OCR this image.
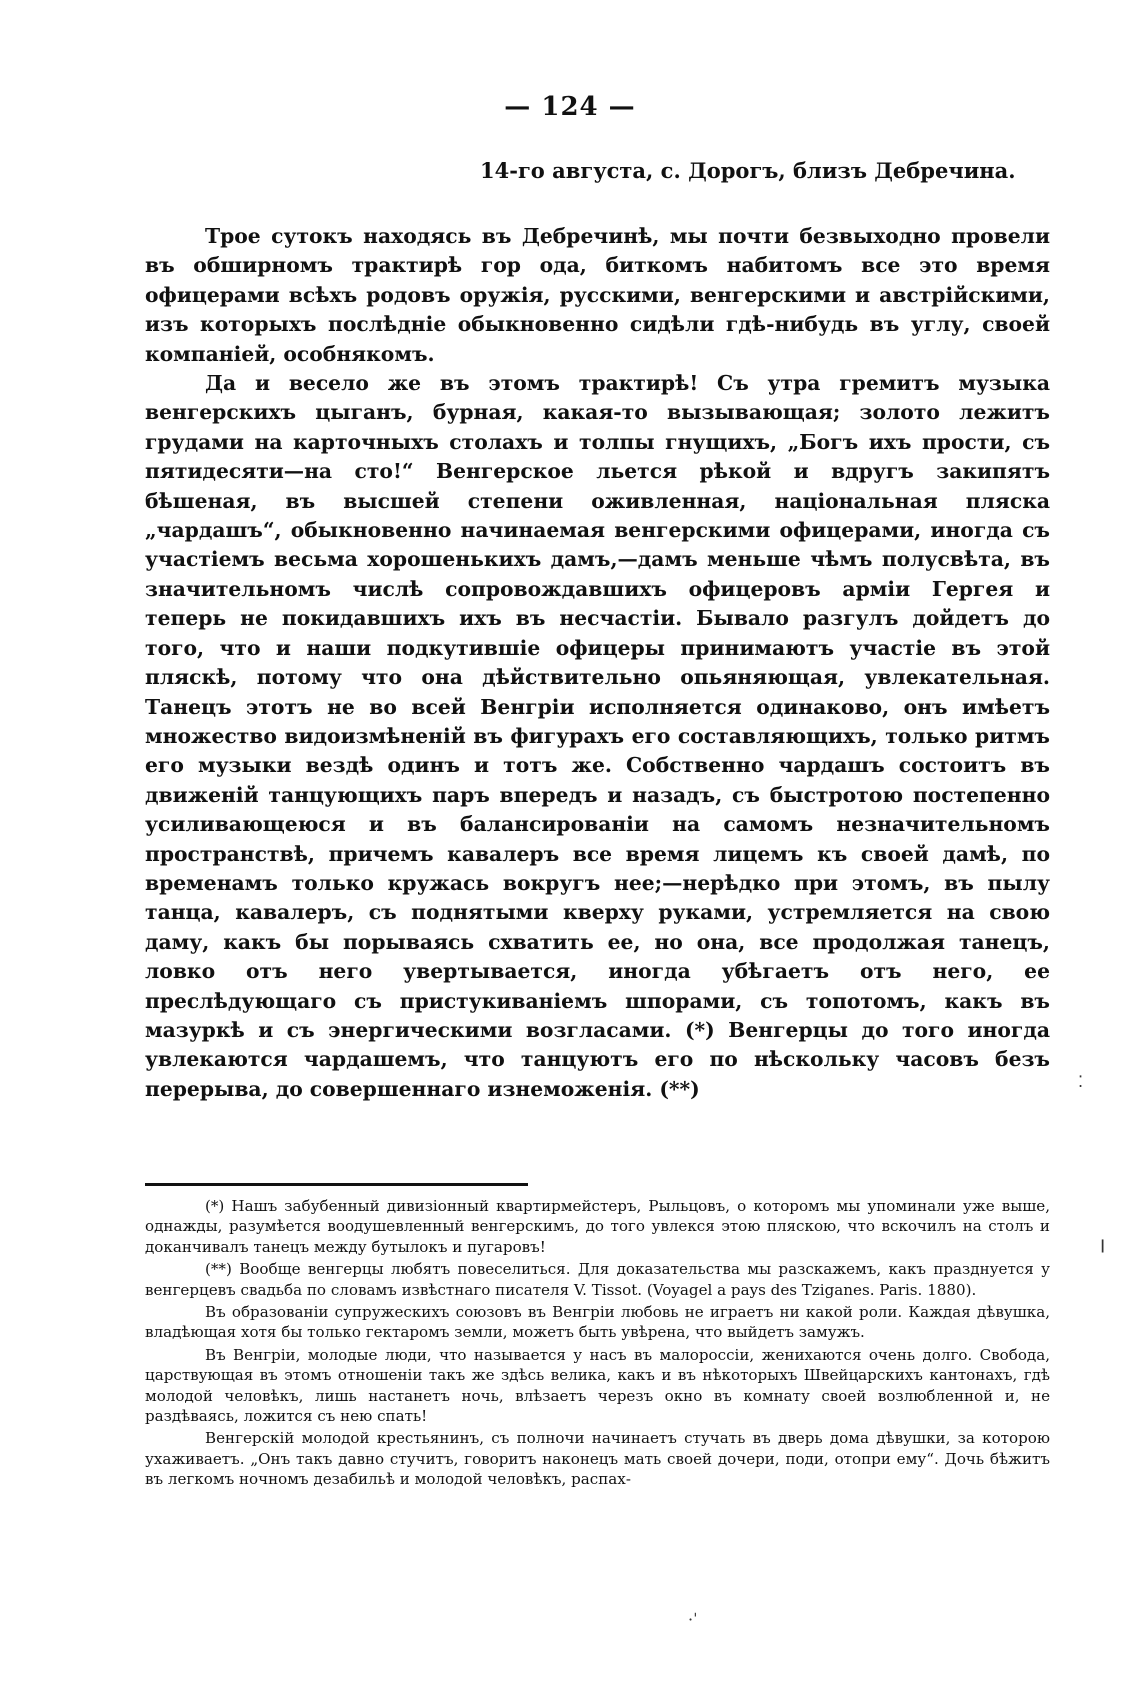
— 124 —
14-го августа, с. Дорогъ, близъ Дебречина.

Трое сутокъ находясь въ Дебречинѣ, мы почти безвыходно провели въ обширномъ трактирѣ гор ода, биткомъ набитомъ все это время офицерами всѣхъ родовъ оружія, русскими, венгерскими и австрійскими, изъ которыхъ послѣдніе обыкновенно сидѣли гдѣ-нибудь въ углу, своей компаніей, особнякомъ.

Да и весело же въ этомъ трактирѣ! Съ утра гремитъ музыка венгерскихъ цыганъ, бурная, какая-то вызывающая; золото лежитъ грудами на карточныхъ столахъ и толпы гнущихъ, „Богъ ихъ прости, съ пятидесяти—на сто!“ Венгерское льется рѣкой и вдругъ закипятъ бѣшеная, въ высшей степени оживленная, національная пляска „чардашъ“, обыкновенно начинаемая венгерскими офицерами, иногда съ участіемъ весьма хорошенькихъ дамъ,—дамъ меньше чѣмъ полусвѣта, въ значительномъ числѣ сопровождавшихъ офицеровъ арміи Гергея и теперь не покидавшихъ ихъ въ несчастіи. Бывало разгулъ дойдетъ до того, что и наши подкутившіе офицеры принимаютъ участіе въ этой пляскѣ, потому что она дѣйствительно опьяняющая, увлекательная. Танецъ этотъ не во всей Венгріи исполняется одинаково, онъ имѣетъ множество видоизмѣненій въ фигурахъ его составляющихъ, только ритмъ его музыки вездѣ одинъ и тотъ же. Собственно чардашъ состоитъ въ движеній танцующихъ паръ впередъ и назадъ, съ быстротою постепенно усиливающеюся и въ балансированіи на самомъ незначительномъ пространствѣ, причемъ кавалеръ все время лицемъ къ своей дамѣ, по временамъ только кружась вокругъ нее;—нерѣдко при этомъ, въ пылу танца, кавалеръ, съ поднятыми кверху руками, устремляется на свою даму, какъ бы порываясь схватить ее, но она, все продолжая танецъ, ловко отъ него увертывается, иногда убѣгаетъ отъ него, ее преслѣдующаго съ пристукиваніемъ шпорами, съ топотомъ, какъ въ мазуркѣ и съ энергическими возгласами. (*) Венгерцы до того иногда увлекаются чардашемъ, что танцуютъ его по нѣскольку часовъ безъ перерыва, до совершеннаго изнеможенія. (**)

(*) Нашъ забубенный дивизіонный квартирмейстеръ, Рыльцовъ, о которомъ мы упоминали уже выше, однажды, разумѣется воодушевленный венгерскимъ, до того увлекся этою пляскою, что вскочилъ на столъ и доканчивалъ танецъ между бутылокъ и пугаровъ!

(**) Вообще венгерцы любятъ повеселиться. Для доказательства мы разскажемъ, какъ празднуется у венгерцевъ свадьба по словамъ извѣстнаго писателя V. Tissot. (Voyagel a pays des Tziganes. Paris. 1880).

Въ образованіи супружескихъ союзовъ въ Венгріи любовь не играетъ ни какой роли. Каждая дѣвушка, владѣющая хотя бы только гектаромъ земли, можетъ быть увѣрена, что выйдетъ замужъ.

Въ Венгріи, молодые люди, что называется у насъ въ малороссіи, женихаются очень долго. Свобода, царствующая въ этомъ отношеніи такъ же здѣсь велика, какъ и въ нѣкоторыхъ Швейцарскихъ кантонахъ, гдѣ молодой человѣкъ, лишь настанетъ ночь, влѣзаетъ черезъ окно въ комнату своей возлюбленной и, не раздѣваясь, ложится съ нею спать!

Венгерскій молодой крестьянинъ, съ полночи начинаетъ стучать въ дверь дома дѣвушки, за которою ухаживаетъ. „Онъ такъ давно стучитъ, говоритъ наконецъ мать своей дочери, поди, отопри ему“. Дочь бѣжитъ въ легкомъ ночномъ дезабильѣ и молодой человѣкъ, распах-

⁚
╷
·ˈ
